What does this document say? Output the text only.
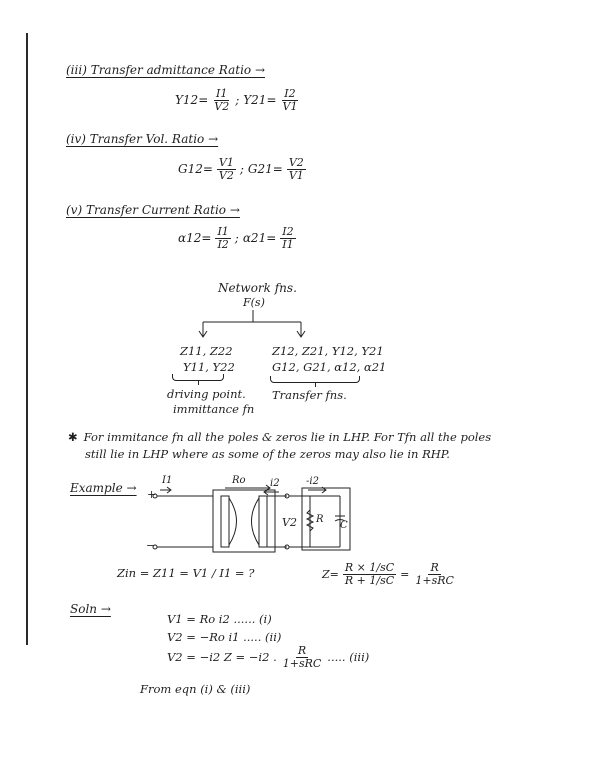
(iii) Transfer admittance Ratio →
$Y12= \frac{I1}{V2}$ ; $Y21= \frac{I2}{V1}$
(iv) Transfer Vol. Ratio →
$G12= \frac{V1}{V2}$ ; $G21= \frac{V2}{V1}$
(v) Transfer Current Ratio →
$\alpha 12= \frac{I1}{I2}$ ; $\alpha 21= \frac{I2}{I1}$
Network fns.
F(s)
Z11, Z22
Y11, Y22
driving point.
immittance fn
Z12, Z21, Y12, Y21
G12, G21, α12, α21
Transfer fns.
✱ For immitance fn all the poles & zeros lie in LHP. For Tfn all the poles
still lie in LHP where as some of the zeros may also lie in RHP.
Example → +
−
I1	Ro i2	-i2
V2 R
C
Zin = Z11 = V1 / I1 = ?	$Z= \frac{R \times 1/sC}{R + 1/sC} = \frac{R}{\text{1+sRC}}$
Soln →
V1 = Ro i2 ...... (i)
V2 = −Ro i1 ..... (ii)
V2 = −i2 Z = −i2 . $\frac{R}{\text{1+sRC}}$ ..... (iii)
From eqn (i) & (iii)
